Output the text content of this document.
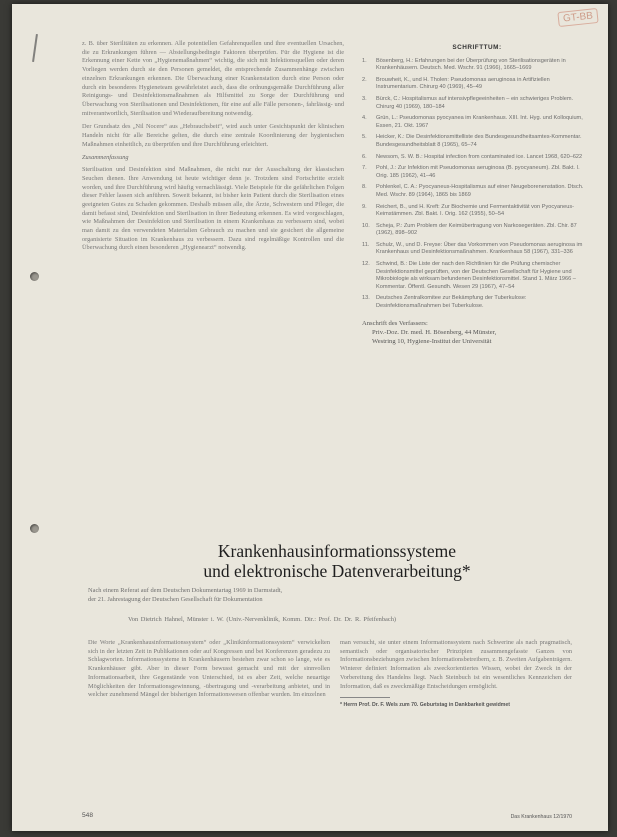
GT-BB

z. B. über Sterilitäten zu erkennen. Alle potentiellen Gefahrenquellen und ihre eventuellen Ursachen, die zu Erkrankungen führen — Abstellungsbedingte Faktoren überprüfen. Für die Hygiene ist die Erkennung einer Kette von „Hygienemaßnahmen“ wichtig, die sich mit Infektionsquellen oder deren Vorliegen werden durch sie den Personen gemeldet, die entsprechende Zusammenhänge zwischen einzelnen Erkrankungen erkennen. Die Überwachung einer Krankenstation durch eine Person oder durch ein besonderes Hygieneteam gewährleistet auch, dass die ordnungsgemäße Durchführung aller Reinigungs- und Desinfektionsmaßnahmen als Hilfsmittel zu Sorge der Durchführung und Überwachung von Sterilisationen und Desinfektionen, für eine auf alle Fälle personen-, fahrlässig- und mitverantwortlich, Sterilisation und Wiederaufbereitung notwendig.

Der Grundsatz des „Nil Nocere“ aus „Hebrauchsbeit“, wird auch unter Gesichtspunkt der klinischen Handeln nicht für alle Bereiche gelten, die durch eine zentrale Koordinierung der hygienischen Maßnahmen einheitlich, zu überprüfen und ihre Durchführung erleichtert.

Zusammenfassung

Sterilisation und Desinfektion sind Maßnahmen, die nicht nur der Ausschaltung der klassischen Seuchen dienen. Ihre Anwendung ist heute wichtiger denn je. Trotzdem sind Fortschritte erzielt worden, und ihre Durchführung wird häufig vernachlässigt. Viele Beispiele für die gefährlichen Folgen dieser Fehler lassen sich anführen. Soweit bekannt, ist bisher kein Patient durch die Sterilisation eines geeigneten Gutes zu Schaden gekommen. Deshalb müssen alle, die Ärzte, Schwestern und Pfleger, die damit befasst sind, Desinfektion und Sterilisation in ihrer Bedeutung erkennen. Es wird vorgeschlagen, wie Maßnahmen der Desinfektion und Sterilisation in einem Krankenhaus zu verbessern sind, wobei man damit zu den verwendeten Materialien Gebrauch zu machen und sie gesichert die allgemeine organisierte Situation im Krankenhaus zu verbessern. Dazu sind regelmäßige Kontrollen und die Überwachung durch einen besonderen „Hygienearzt“ notwendig.

SCHRIFTTUM:
1.	Bösenberg, H.: Erfahrungen bei der Überprüfung von Sterilisationsgeräten in Krankenhäusern. Deutsch. Med. Wschr. 91 (1966), 1665–1669
2.	Brouwheit, K., und H. Tholen: Pseudomonas aeruginosa in Artifiziellen Instrumentarium. Chirurg 40 (1969), 45–49
3.	Bürck, C.: Hospitalismus auf intensivpflegeeinheiten – ein schwieriges Problem. Chirurg 40 (1969), 180–184
4.	Grün, L.: Pseudomonas pyocyanea im Krankenhaus. XIII. Int. Hyg. und Kolloquium, Essen, 21. Okt. 1967
5.	Heicker, K.: Die Desinfektionsmittelliste des Bundesgesundheitsamtes-Kommentar. Bundesgesundheitsblatt 8 (1965), 65–74
6.	Newsom, S. W. B.: Hospital infection from contaminated ice. Lancet 1968, 620–622
7.	Pohl, J.: Zur Infektion mit Pseudomonas aeruginosa (B. pyocyaneum). Zbl. Bakt. I. Orig. 185 (1962), 41–46
8.	Pohlenkel, C. A.: Pyocyaneus-Hospitalismus auf einer Neugeborenenstation. Dtsch. Med. Wschr. 89 (1964), 1865 bis 1869
9.	Reichert, B., und H. Kreft: Zur Biochemie und Fermentaktivität von Pyocyaneus-Keimstämmen. Zbl. Bakt. I. Orig. 162 (1955), 50–54
10.	Scheja, P.: Zum Problem der Keimübertragung von Narkosegeräten. Zbl. Chir. 87 (1962), 898–902
11.	Schulz, W., und D. Freyse: Über das Vorkommen von Pseudomonas aeruginosa im Krankenhaus und Desinfektionsmaßnahmen. Krankenhaus 58 (1967), 331–336
12.	Schwind, B.: Die Liste der nach den Richtlinien für die Prüfung chemischer Desinfektionsmittel geprüften, von der Deutschen Gesellschaft für Hygiene und Mikrobiologie als wirksam befundenen Desinfektionsmittel. Stand 1. März 1966 – Kommentar. Öffentl. Gesundh. Wesen 29 (1967), 47–54
13.	Deutsches Zentralkomitee zur Bekämpfung der Tuberkulose: Desinfektionsmaßnahmen bei Tuberkulose.
Anschrift des Verfassers:
Priv.-Doz. Dr. med. H. Bösenberg, 44 Münster,
Westring 10, Hygiene-Institut der Universität
Krankenhausinformationssysteme
und elektronische Datenverarbeitung*
Nach einem Referat auf dem Deutschen Dokumentartag 1969 in Darmstadt,
der 21. Jahrestagung der Deutschen Gesellschaft für Dokumentation
Von Dietrich Hahnel, Münster i. W. (Univ.-Nervenklinik, Komm. Dir.: Prof. Dr. Dr. R. Pfeifenbach)
Die Worte „Krankenhausinformationssystem“ oder „Klinikinformationssystem“ verwickelten sich in der letzten Zeit in Publikationen oder auf Kongressen und bei Konferenzen geradezu zu Schlagworten. Informationssysteme in Krankenhäusern bestehen zwar schon so lange, wie es Krankenhäuser gibt. Aber in dieser Form bewusst gemacht und mit der sinnvollen Informationsarbeit, ihre Gegenstände von Unterschied, ist es aber Zeit, welche neuartige Möglichkeiten der Informationsgewinnung, -übertragung und -verarbeitung anbietet, und in welcher zunehmend Mängel der bisherigen Informationswesen offenbar wurden. Im einzelnen
man versucht, sie unter einem Informationssystem nach Schwerine als nach pragmatisch, semantisch oder organisatorischer Prinzipien zusammengefasste Ganzes von Informationsbeziehungen zwischen Informationsbetreibern, z. B. Zweiten Aufgabenträgern. Winterer definiert Information als zweckorientiertes Wissen, wobei der Zweck in der Vorbereitung des Handelns liegt. Nach Steinbuch ist ein wesentliches Kennzeichen der Information, daß es zweckmäßige Entscheidungen ermöglicht.
* Herrn Prof. Dr. F. Wels zum 70. Geburtstag in Dankbarkeit gewidmet
548	Das Krankenhaus 12/1970
